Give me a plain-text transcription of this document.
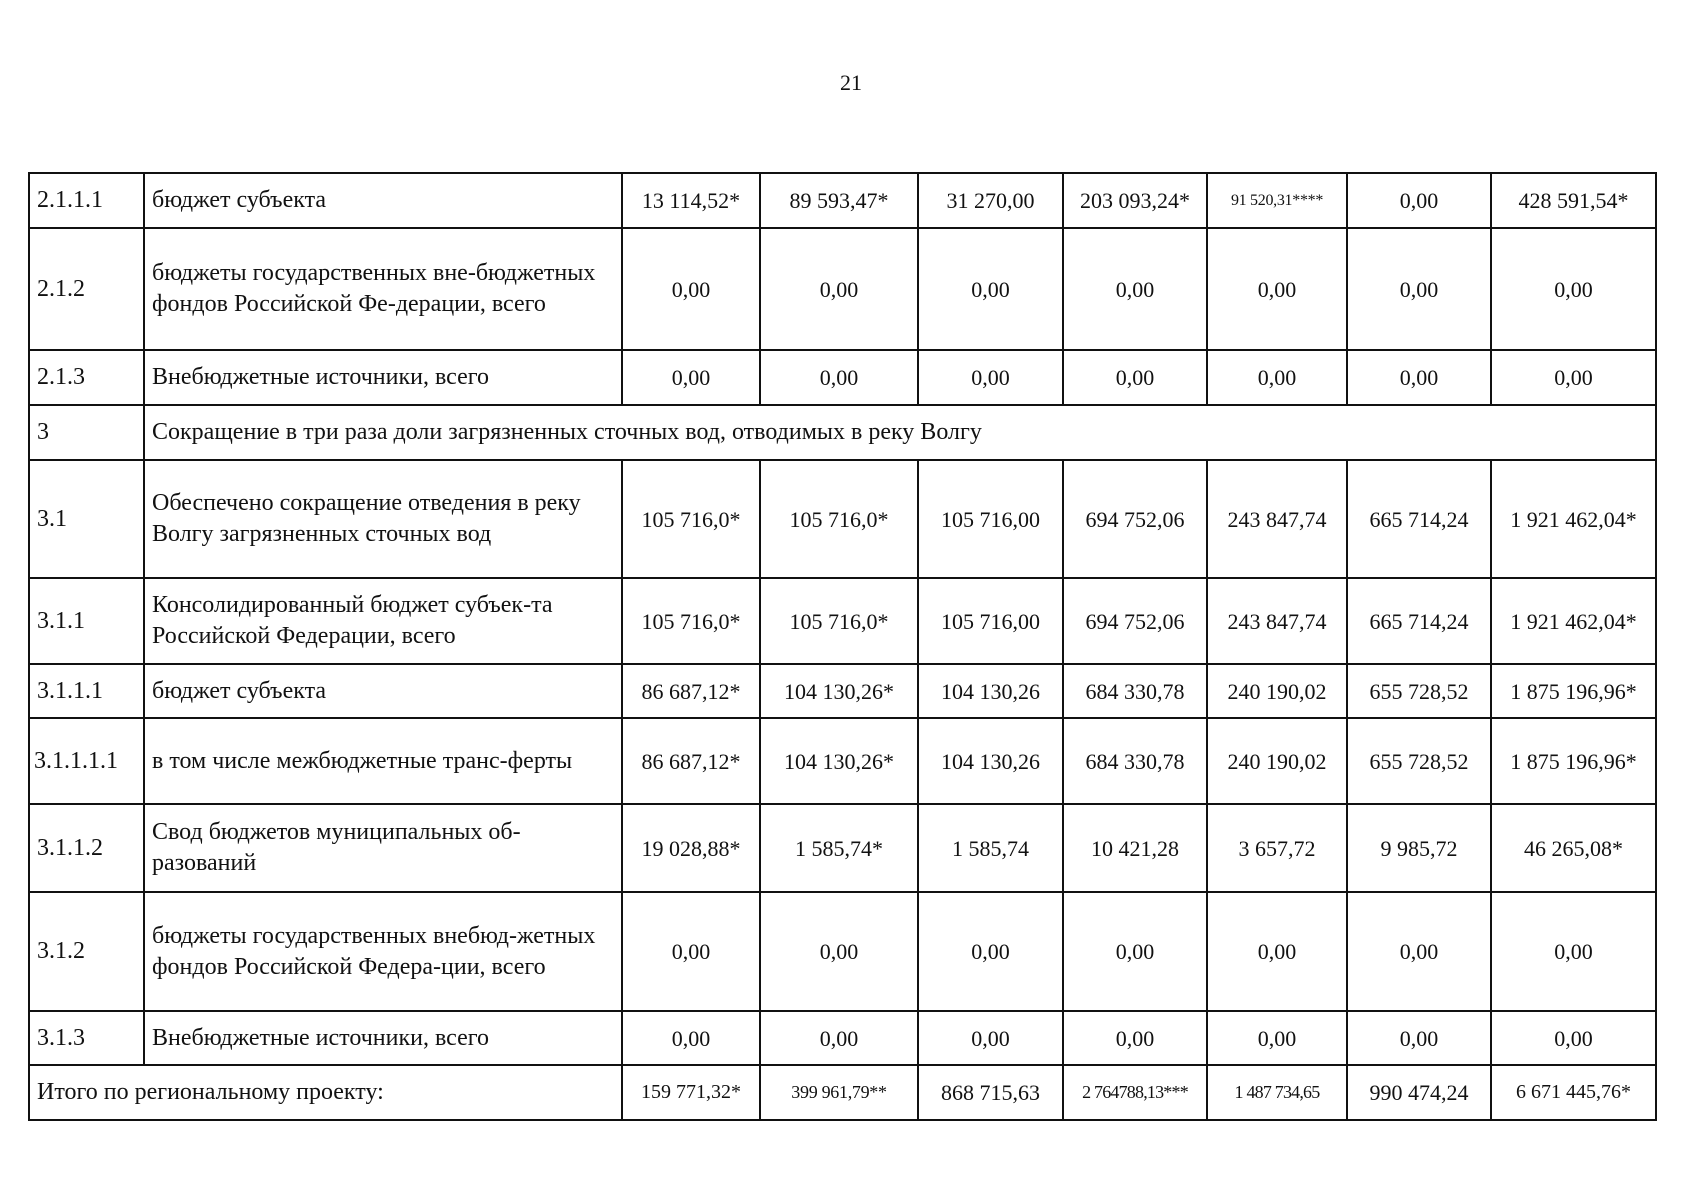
21
2.1.1.1	бюджет субъекта	13 114,52*	89 593,47*	31 270,00	203 093,24*	91 520,31****	0,00	428 591,54*
2.1.2	бюджеты государственных вне-бюджетных фондов Российской Фе-дерации, всего	0,00	0,00	0,00	0,00	0,00	0,00	0,00
2.1.3	Внебюджетные источники, всего	0,00	0,00	0,00	0,00	0,00	0,00	0,00
3	Сокращение в три раза доли загрязненных сточных вод, отводимых в реку Волгу							
3.1	Обеспечено сокращение отведения в реку Волгу загрязненных сточных вод	105 716,0*	105 716,0*	105 716,00	694 752,06	243 847,74	665 714,24	1 921 462,04*
3.1.1	Консолидированный бюджет субъек-та Российской Федерации, всего	105 716,0*	105 716,0*	105 716,00	694 752,06	243 847,74	665 714,24	1 921 462,04*
3.1.1.1	бюджет субъекта	86 687,12*	104 130,26*	104 130,26	684 330,78	240 190,02	655 728,52	1 875 196,96*
3.1.1.1.1	в том числе межбюджетные транс-ферты	86 687,12*	104 130,26*	104 130,26	684 330,78	240 190,02	655 728,52	1 875 196,96*
3.1.1.2	Свод бюджетов муниципальных об-разований	19 028,88*	1 585,74*	1 585,74	10 421,28	3 657,72	9 985,72	46 265,08*
3.1.2	бюджеты государственных внебюд-жетных фондов Российской Федера-ции, всего	0,00	0,00	0,00	0,00	0,00	0,00	0,00
3.1.3	Внебюджетные источники, всего	0,00	0,00	0,00	0,00	0,00	0,00	0,00
Итого по региональному проекту:		159 771,32*	399 961,79**	868 715,63	2 764788,13***	1 487 734,65	990 474,24	6 671 445,76*
